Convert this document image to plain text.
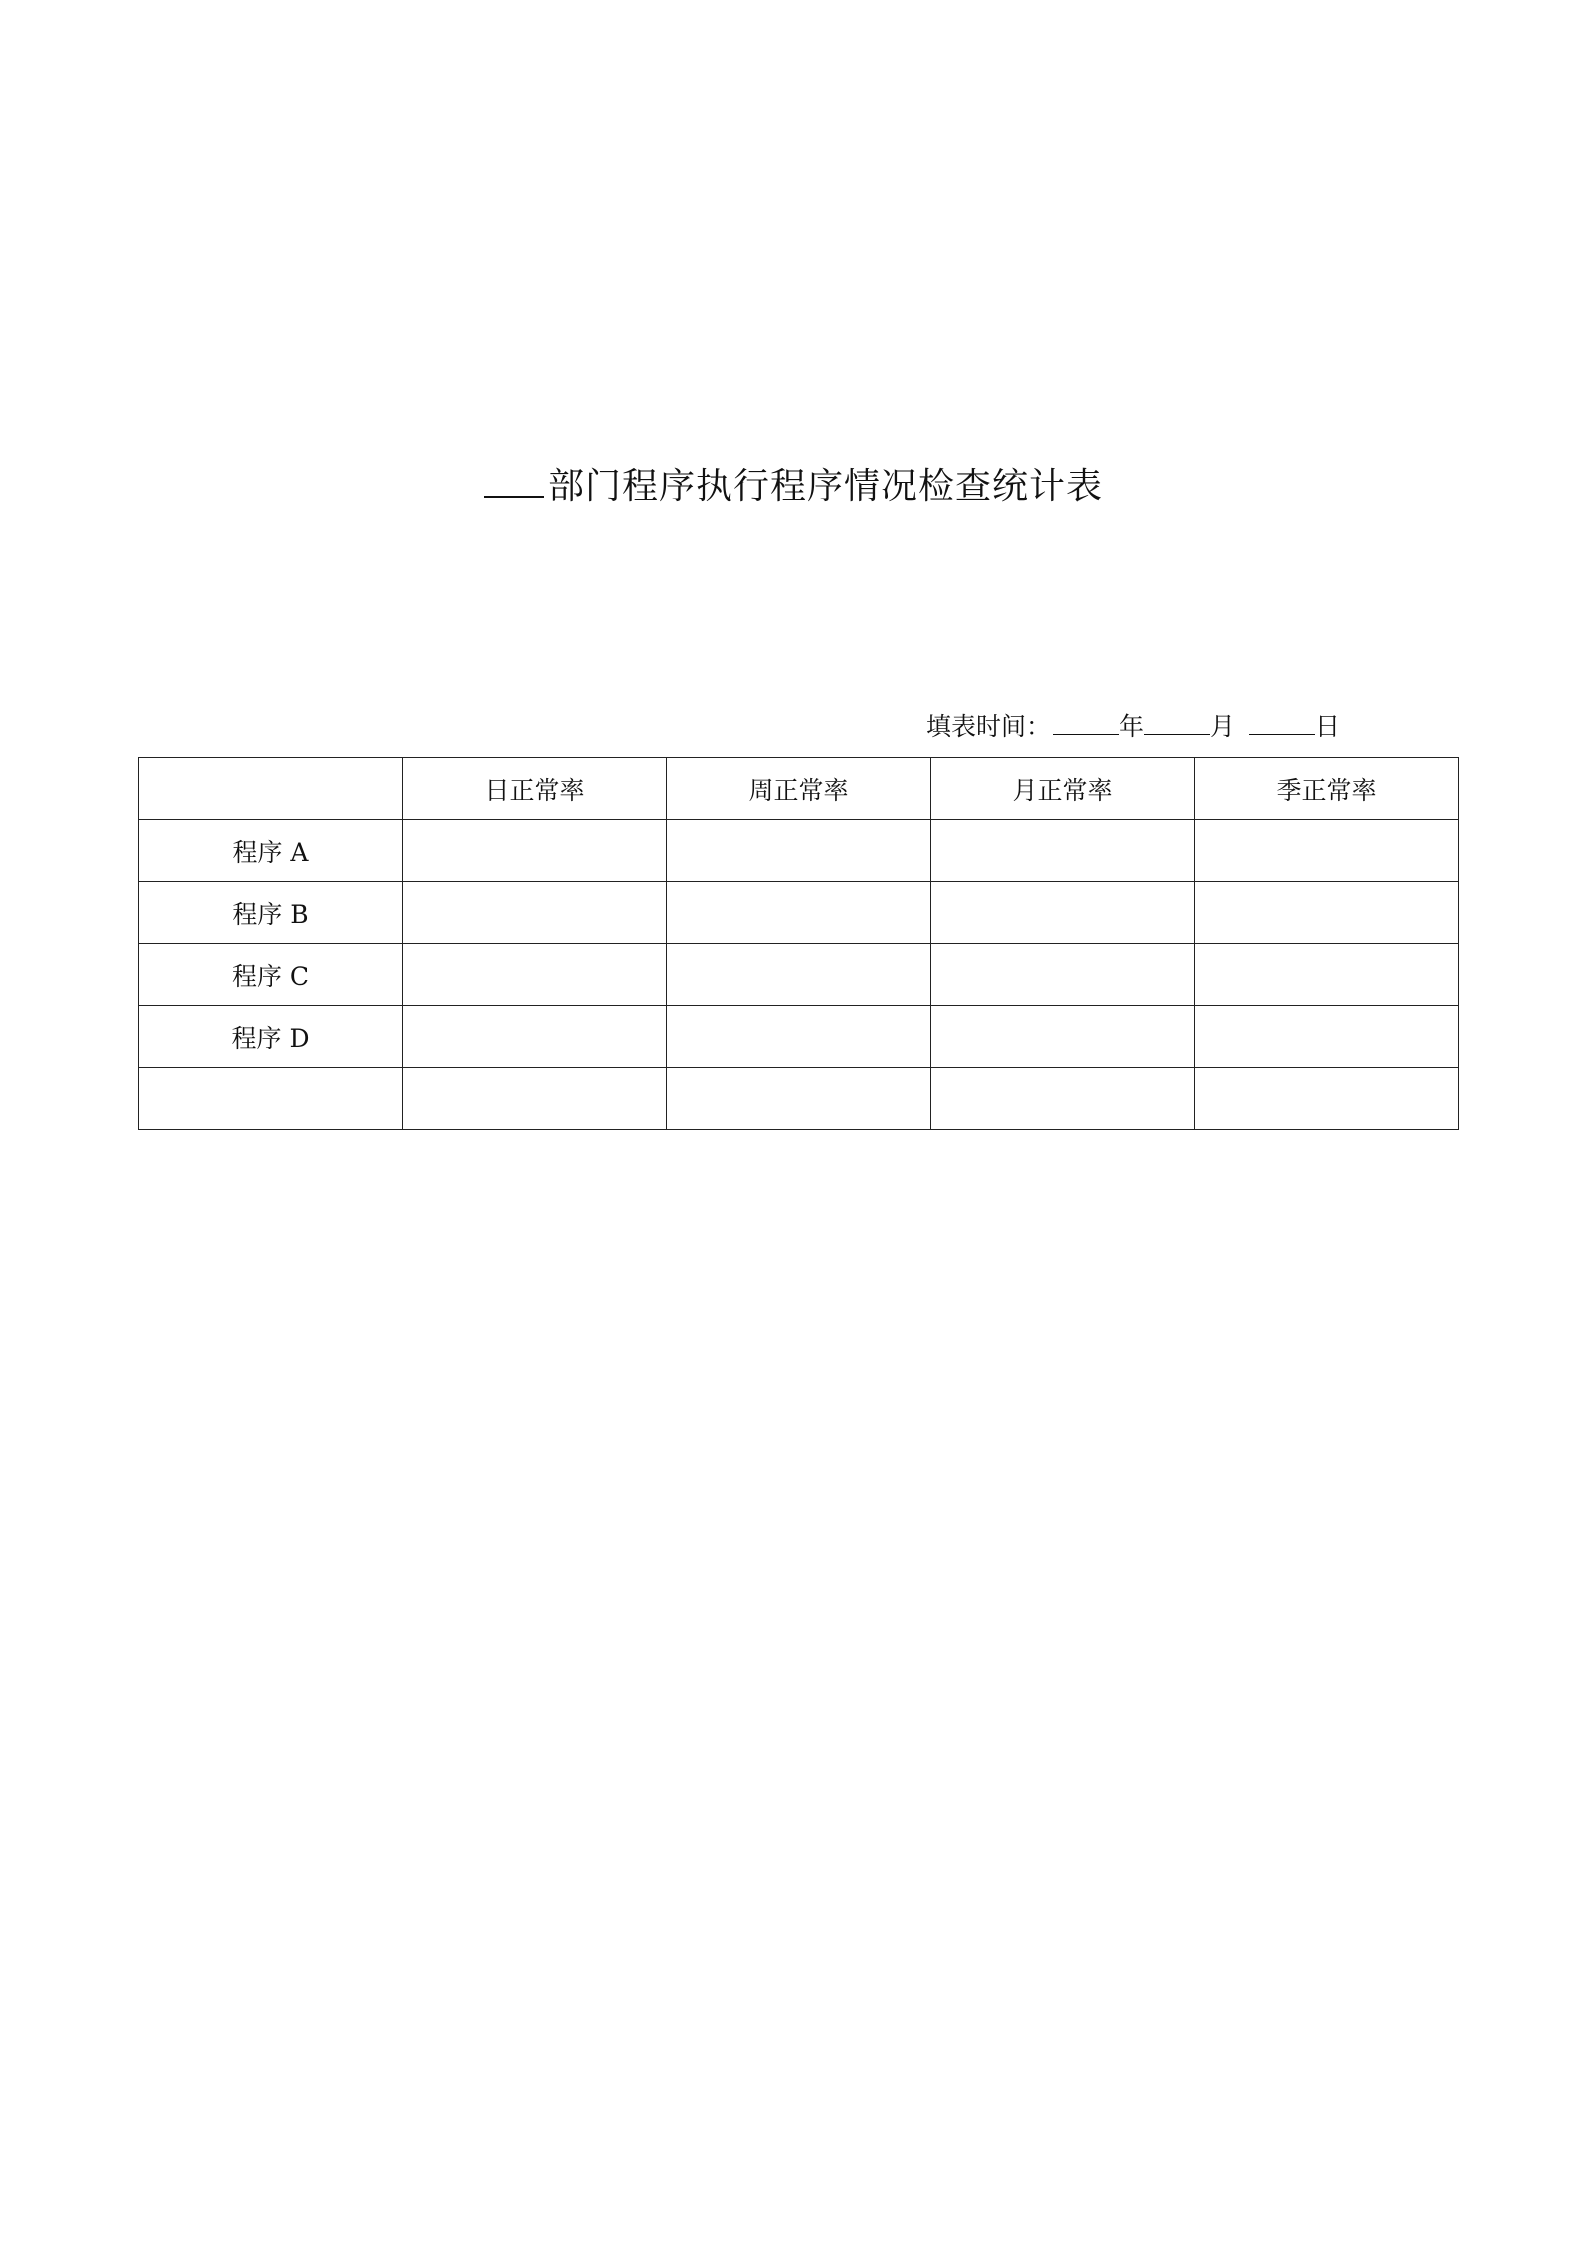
部门程序执行程序情况检查统计表
填表时间：	年	月	日
	日正常率	周正常率	月正常率	季正常率
程序 A				
程序 B				
程序 C				
程序 D				
